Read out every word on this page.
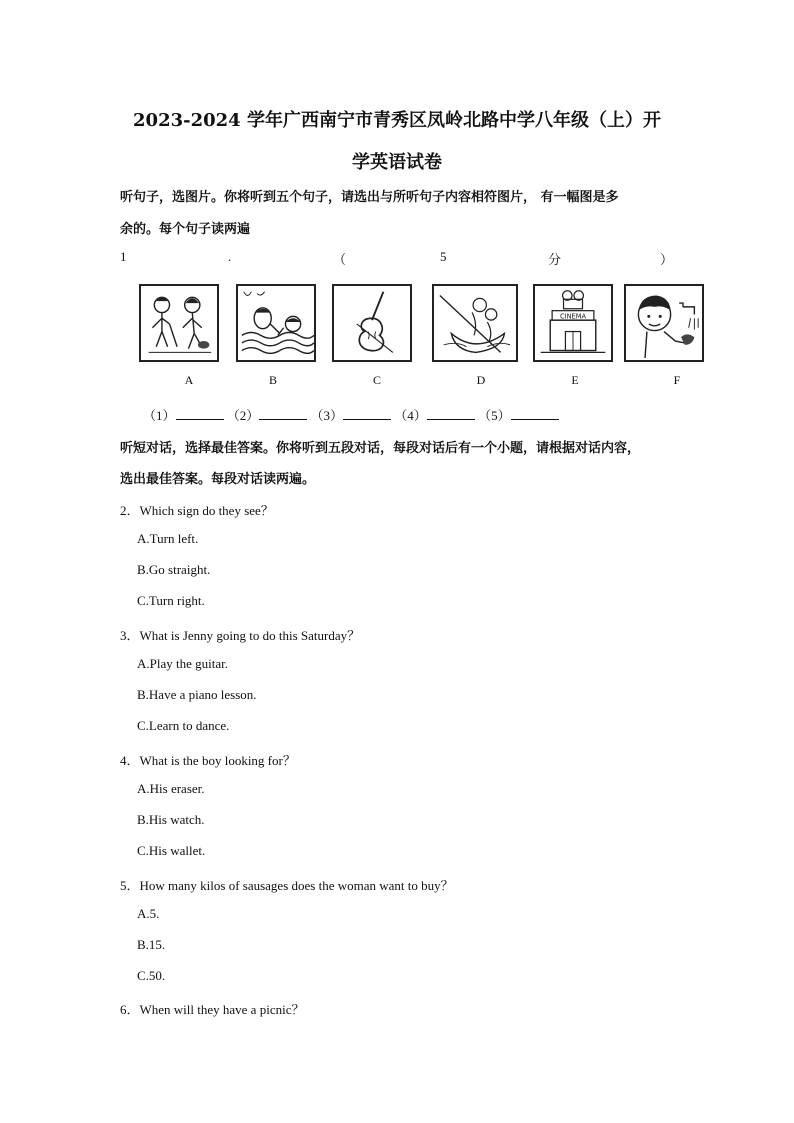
2023-2024 学年广西南宁市青秀区凤岭北路中学八年级（上）开
学英语试卷
听句子，选图片。你将听到五个句子，请选出与所听句子内容相符图片， 有一幅图是多
余的。每个句子读两遍
1	.	（	5	分	）
A	B	C	D
CINEMA
E	F
（1）	（2）	（3）	（4）	（5）
听短对话，选择最佳答案。你将听到五段对话，每段对话后有一个小题，请根据对话内容，
选出最佳答案。每段对话读两遍。
2．Which sign do they see？
A.Turn left.
B.Go straight.
C.Turn right.
3．What is Jenny going to do this Saturday？
A.Play the guitar.
B.Have a piano lesson.
C.Learn to dance.
4．What is the boy looking for？
A.His eraser.
B.His watch.
C.His wallet.
5．How many kilos of sausages does the woman want to buy？
A.5.
B.15.
C.50.
6．When will they have a picnic？
